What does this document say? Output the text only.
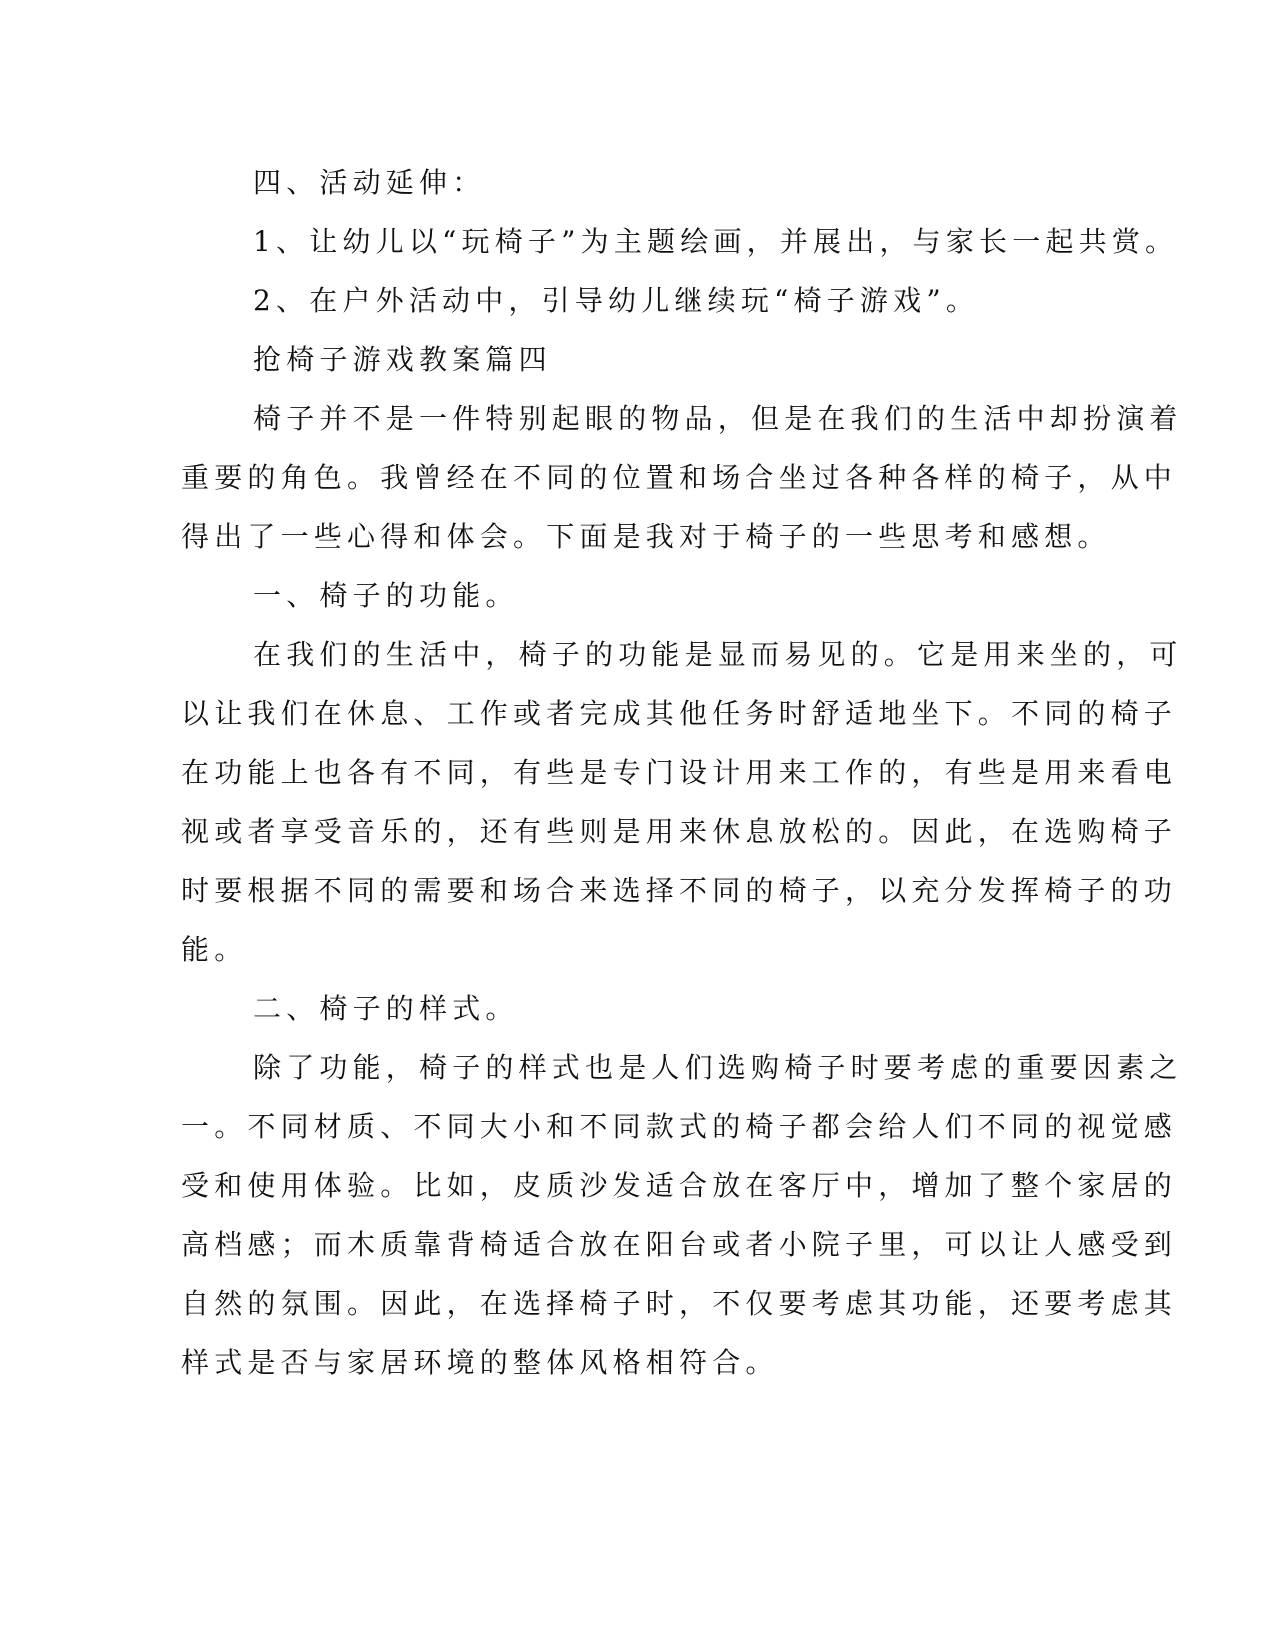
四、活动延伸：
1、让幼儿以“玩椅子”为主题绘画，并展出，与家长一起共赏。
2、在户外活动中，引导幼儿继续玩“椅子游戏”。
抢椅子游戏教案篇四
椅子并不是一件特别起眼的物品，但是在我们的生活中却扮演着
重要的角色。我曾经在不同的位置和场合坐过各种各样的椅子，从中
得出了一些心得和体会。下面是我对于椅子的一些思考和感想。
一、椅子的功能。
在我们的生活中，椅子的功能是显而易见的。它是用来坐的，可
以让我们在休息、工作或者完成其他任务时舒适地坐下。不同的椅子
在功能上也各有不同，有些是专门设计用来工作的，有些是用来看电
视或者享受音乐的，还有些则是用来休息放松的。因此，在选购椅子
时要根据不同的需要和场合来选择不同的椅子，以充分发挥椅子的功
能。
二、椅子的样式。
除了功能，椅子的样式也是人们选购椅子时要考虑的重要因素之
一。不同材质、不同大小和不同款式的椅子都会给人们不同的视觉感
受和使用体验。比如，皮质沙发适合放在客厅中，增加了整个家居的
高档感；而木质靠背椅适合放在阳台或者小院子里，可以让人感受到
自然的氛围。因此，在选择椅子时，不仅要考虑其功能，还要考虑其
样式是否与家居环境的整体风格相符合。
